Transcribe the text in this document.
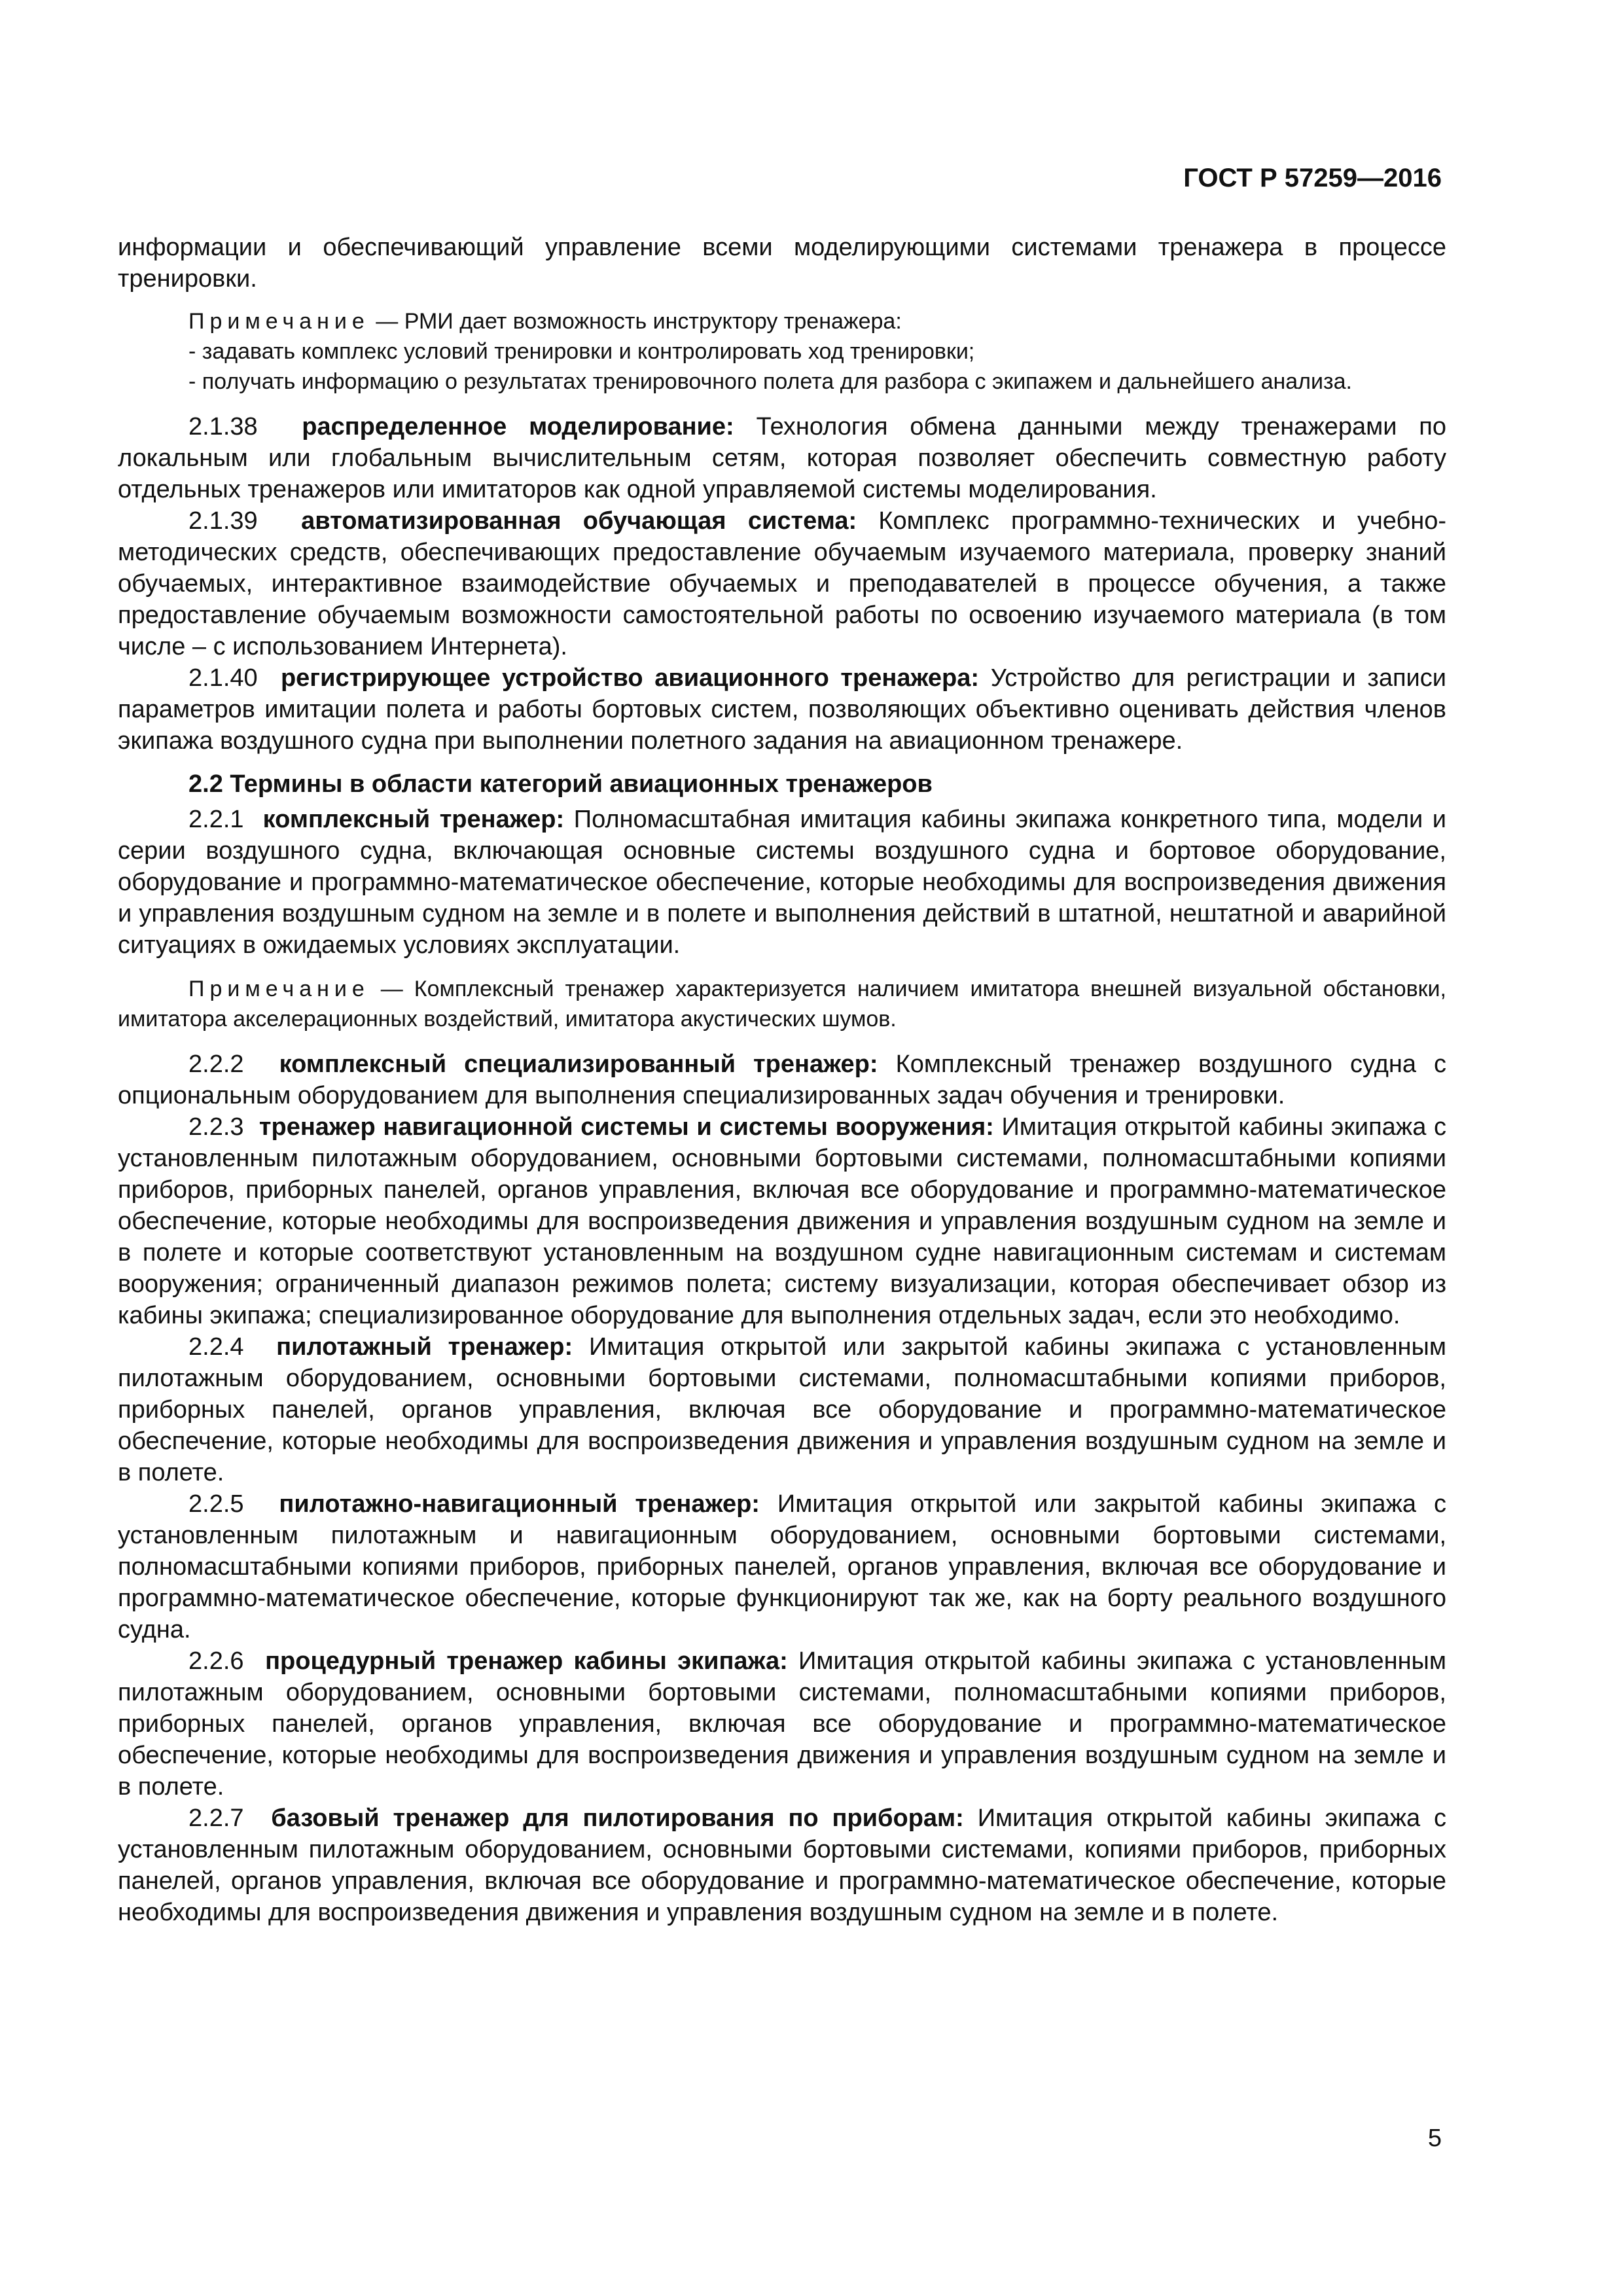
ГОСТ Р 57259—2016

информации и обеспечивающий управление всеми моделирующими системами тренажера в процессе тренировки.

Примечание — РМИ дает возможность инструктору тренажера:

- задавать комплекс условий тренировки и контролировать ход тренировки;

- получать информацию о результатах тренировочного полета для разбора с экипажем и дальнейшего анализа.

2.1.38 распределенное моделирование: Технология обмена данными между тренажерами по локальным или глобальным вычислительным сетям, которая позволяет обеспечить совместную работу отдельных тренажеров или имитаторов как одной управляемой системы моделирования.

2.1.39 автоматизированная обучающая система: Комплекс программно-технических и учебно-методических средств, обеспечивающих предоставление обучаемым изучаемого материала, проверку знаний обучаемых, интерактивное взаимодействие обучаемых и преподавателей в процессе обучения, а также предоставление обучаемым возможности самостоятельной работы по освоению изучаемого материала (в том числе – с использованием Интернета).

2.1.40 регистрирующее устройство авиационного тренажера: Устройство для регистрации и записи параметров имитации полета и работы бортовых систем, позволяющих объективно оценивать действия членов экипажа воздушного судна при выполнении полетного задания на авиационном тренажере.

2.2 Термины в области категорий авиационных тренажеров

2.2.1 комплексный тренажер: Полномасштабная имитация кабины экипажа конкретного типа, модели и серии воздушного судна, включающая основные системы воздушного судна и бортовое оборудование, оборудование и программно-математическое обеспечение, которые необходимы для воспроизведения движения и управления воздушным судном на земле и в полете и выполнения действий в штатной, нештатной и аварийной ситуациях в ожидаемых условиях эксплуатации.

Примечание — Комплексный тренажер характеризуется наличием имитатора внешней визуальной обстановки, имитатора акселерационных воздействий, имитатора акустических шумов.

2.2.2 комплексный специализированный тренажер: Комплексный тренажер воздушного судна с опциональным оборудованием для выполнения специализированных задач обучения и тренировки.

2.2.3 тренажер навигационной системы и системы вооружения: Имитация открытой кабины экипажа с установленным пилотажным оборудованием, основными бортовыми системами, полномасштабными копиями приборов, приборных панелей, органов управления, включая все оборудование и программно-математическое обеспечение, которые необходимы для воспроизведения движения и управления воздушным судном на земле и в полете и которые соответствуют установленным на воздушном судне навигационным системам и системам вооружения; ограниченный диапазон режимов полета; систему визуализации, которая обеспечивает обзор из кабины экипажа; специализированное оборудование для выполнения отдельных задач, если это необходимо.

2.2.4 пилотажный тренажер: Имитация открытой или закрытой кабины экипажа с установленным пилотажным оборудованием, основными бортовыми системами, полномасштабными копиями приборов, приборных панелей, органов управления, включая все оборудование и программно-математическое обеспечение, которые необходимы для воспроизведения движения и управления воздушным судном на земле и в полете.

2.2.5 пилотажно-навигационный тренажер: Имитация открытой или закрытой кабины экипажа с установленным пилотажным и навигационным оборудованием, основными бортовыми системами, полномасштабными копиями приборов, приборных панелей, органов управления, включая все оборудование и программно-математическое обеспечение, которые функционируют так же, как на борту реального воздушного судна.

2.2.6 процедурный тренажер кабины экипажа: Имитация открытой кабины экипажа с установленным пилотажным оборудованием, основными бортовыми системами, полномасштабными копиями приборов, приборных панелей, органов управления, включая все оборудование и программно-математическое обеспечение, которые необходимы для воспроизведения движения и управления воздушным судном на земле и в полете.

2.2.7 базовый тренажер для пилотирования по приборам: Имитация открытой кабины экипажа с установленным пилотажным оборудованием, основными бортовыми системами, копиями приборов, приборных панелей, органов управления, включая все оборудование и программно-математическое обеспечение, которые необходимы для воспроизведения движения и управления воздушным судном на земле и в полете.

5
